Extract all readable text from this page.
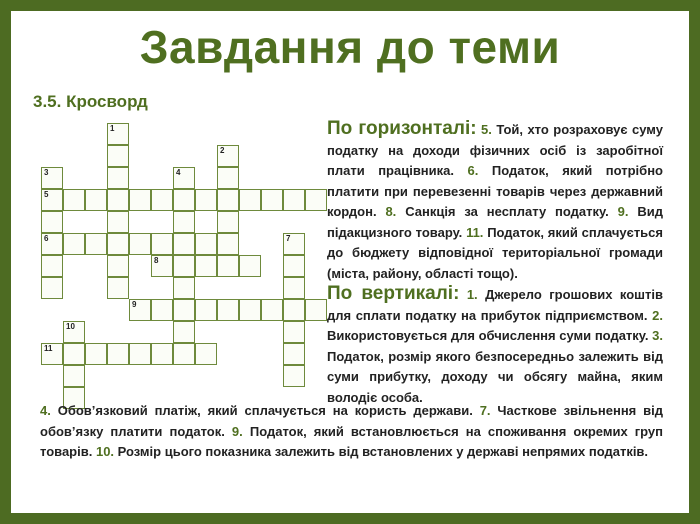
Завдання до теми
3.5. Кросворд
1
2
3	4
5
6	7
8
9
10
11

По горизонталі: 5. Той, хто розраховує суму податку на доходи фізичних осіб із заробітної плати працівника. 6. Податок, який потрібно платити при перевезенні товарів через державний кордон. 8. Санкція за несплату податку. 9. Вид підакцизного товару. 11. Податок, який сплачується до бюджету відповідної територіальної громади (міста, району, області тощо).

По вертикалі: 1. Джерело грошових коштів для сплати податку на прибуток підприємством. 2. Використовується для обчислення суми податку. 3. Податок, розмір якого безпосередньо залежить від суми прибутку, доходу чи обсягу майна, яким володіє особа.

4. Обов’язковий платіж, який сплачується на користь держави. 7. Часткове звільнення від обов’язку платити податок. 9. Податок, який встановлюється на споживання окремих груп товарів. 10. Розмір цього показника залежить від встановлених у державі непрямих податків.
